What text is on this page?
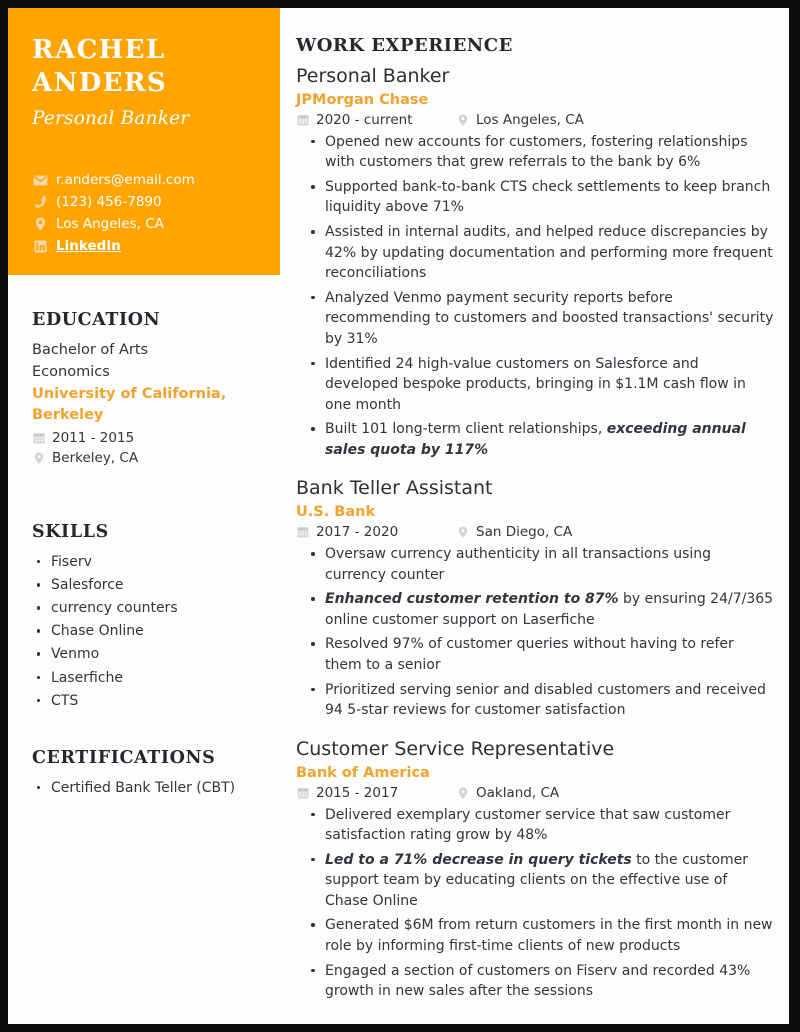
RACHEL
ANDERS
Personal Banker
r.anders@email.com
(123) 456-7890
Los Angeles, CA
LinkedIn
EDUCATION
Bachelor of Arts
Economics
University of California, Berkeley
2011 - 2015
Berkeley, CA
SKILLS
Fiserv
Salesforce
currency counters
Chase Online
Venmo
Laserfiche
CTS
CERTIFICATIONS
Certified Bank Teller (CBT)
WORK EXPERIENCE
Personal Banker
JPMorgan Chase
2020 - current	Los Angeles, CA
Opened new accounts for customers, fostering relationships with customers that grew referrals to the bank by 6%
Supported bank-to-bank CTS check settlements to keep branch liquidity above 71%
Assisted in internal audits, and helped reduce discrepancies by 42% by updating documentation and performing more frequent reconciliations
Analyzed Venmo payment security reports before recommending to customers and boosted transactions' security by 31%
Identified 24 high-value customers on Salesforce and developed bespoke products, bringing in $1.1M cash flow in one month
Built 101 long-term client relationships, exceeding annual sales quota by 117%
Bank Teller Assistant
U.S. Bank
2017 - 2020	San Diego, CA
Oversaw currency authenticity in all transactions using currency counter
Enhanced customer retention to 87% by ensuring 24/7/365 online customer support on Laserfiche
Resolved 97% of customer queries without having to refer them to a senior
Prioritized serving senior and disabled customers and received 94 5-star reviews for customer satisfaction
Customer Service Representative
Bank of America
2015 - 2017	Oakland, CA
Delivered exemplary customer service that saw customer satisfaction rating grow by 48%
Led to a 71% decrease in query tickets to the customer support team by educating clients on the effective use of Chase Online
Generated $6M from return customers in the first month in new role by informing first-time clients of new products
Engaged a section of customers on Fiserv and recorded 43% growth in new sales after the sessions
